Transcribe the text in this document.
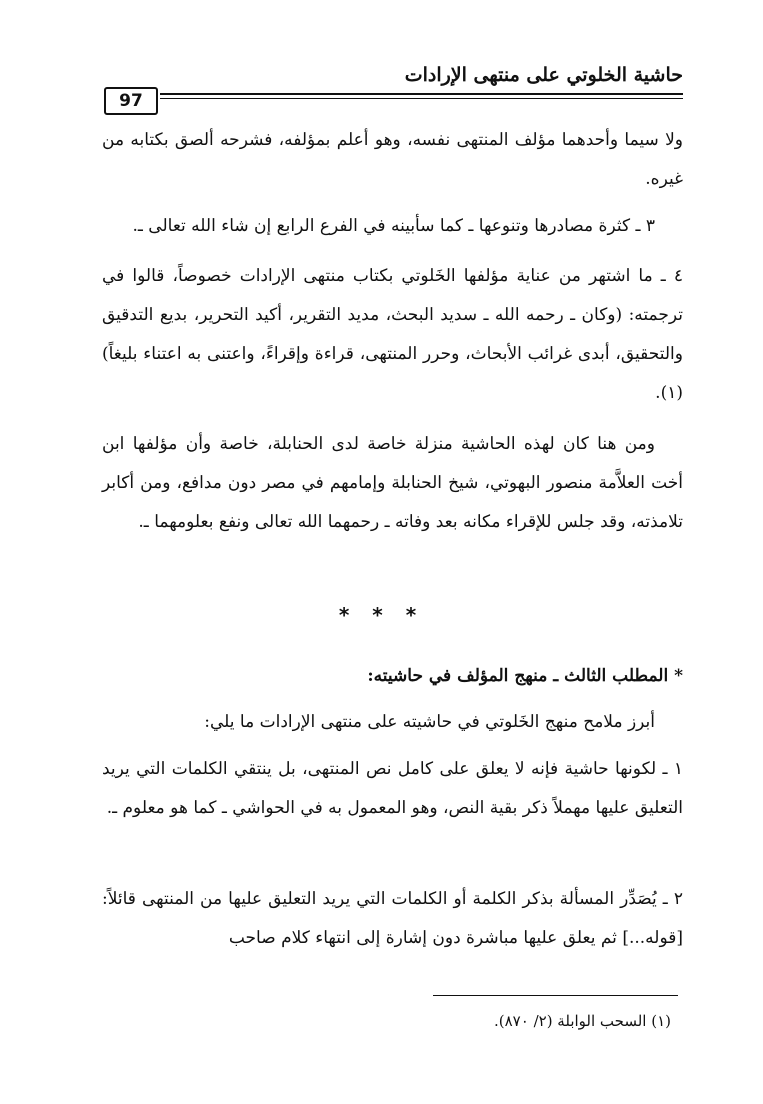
حاشية الخلوتي على منتهى الإرادات
97

ولا سيما وأحدهما مؤلف المنتهى نفسه، وهو أعلم بمؤلفه، فشرحه ألصق بكتابه من غيره.

٣ ـ كثرة مصادرها وتنوعها ـ كما سأبينه في الفرع الرابع إن شاء الله تعالى ـ.

٤ ـ ما اشتهر من عناية مؤلفها الخَلوتي بكتاب منتهى الإرادات خصوصاً، قالوا في ترجمته: (وكان ـ رحمه الله ـ سديد البحث، مديد التقرير، أكيد التحرير، بديع التدقيق والتحقيق، أبدى غرائب الأبحاث، وحرر المنتهى، قراءة وإقراءً، واعتنى به اعتناء بليغاً)(١).

ومن هنا كان لهذه الحاشية منزلة خاصة لدى الحنابلة، خاصة وأن مؤلفها ابن أخت العلاَّمة منصور البهوتي، شيخ الحنابلة وإمامهم في مصر دون مدافع، ومن أكابر تلامذته، وقد جلس للإقراء مكانه بعد وفاته ـ رحمهما الله تعالى ونفع بعلومهما ـ.

* * *

* المطلب الثالث ـ منهج المؤلف في حاشيته:

أبرز ملامح منهج الخَلوتي في حاشيته على منتهى الإرادات ما يلي:

١ ـ لكونها حاشية فإنه لا يعلق على كامل نص المنتهى، بل ينتقي الكلمات التي يريد التعليق عليها مهملاً ذكر بقية النص، وهو المعمول به في الحواشي ـ كما هو معلوم ـ.

٢ ـ يُصَدِّر المسألة بذكر الكلمة أو الكلمات التي يريد التعليق عليها من المنتهى قائلاً: [قوله...] ثم يعلق عليها مباشرة دون إشارة إلى انتهاء كلام صاحب

(١) السحب الوابلة (٢/ ٨٧٠).
